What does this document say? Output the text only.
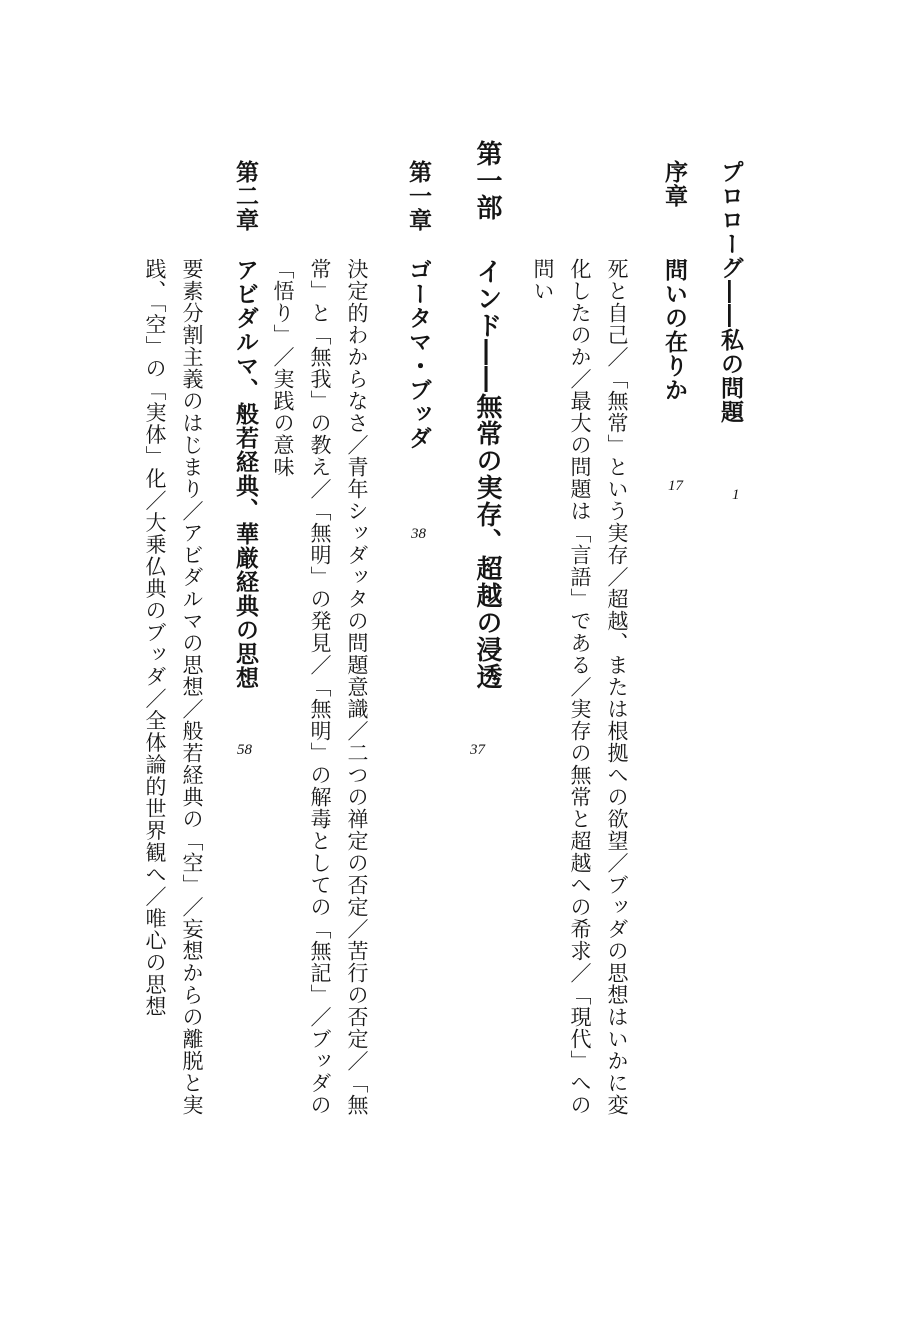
プロローグ――私の問題

1

序章

問いの在りか

17

死と自己／「無常」という実存／超越、または根拠への欲望／ブッダの思想はいかに変化したのか／最大の問題は「言語」である／実存の無常と超越への希求／「現代」への問い

第一部

インド――無常の実存、超越の浸透

37

第一章

ゴータマ・ブッダ

38

決定的わからなさ／青年シッダッタの問題意識／二つの禅定の否定／苦行の否定／「無常」と「無我」の教え／「無明」の発見／「無明」の解毒としての「無記」／ブッダの「悟り」／実践の意味

第二章

アビダルマ、般若経典、華厳経典の思想

58

要素分割主義のはじまり／アビダルマの思想／般若経典の「空」／妄想からの離脱と実践、「空」の「実体」化／大乗仏典のブッダ／全体論的世界観へ／唯心の思想
